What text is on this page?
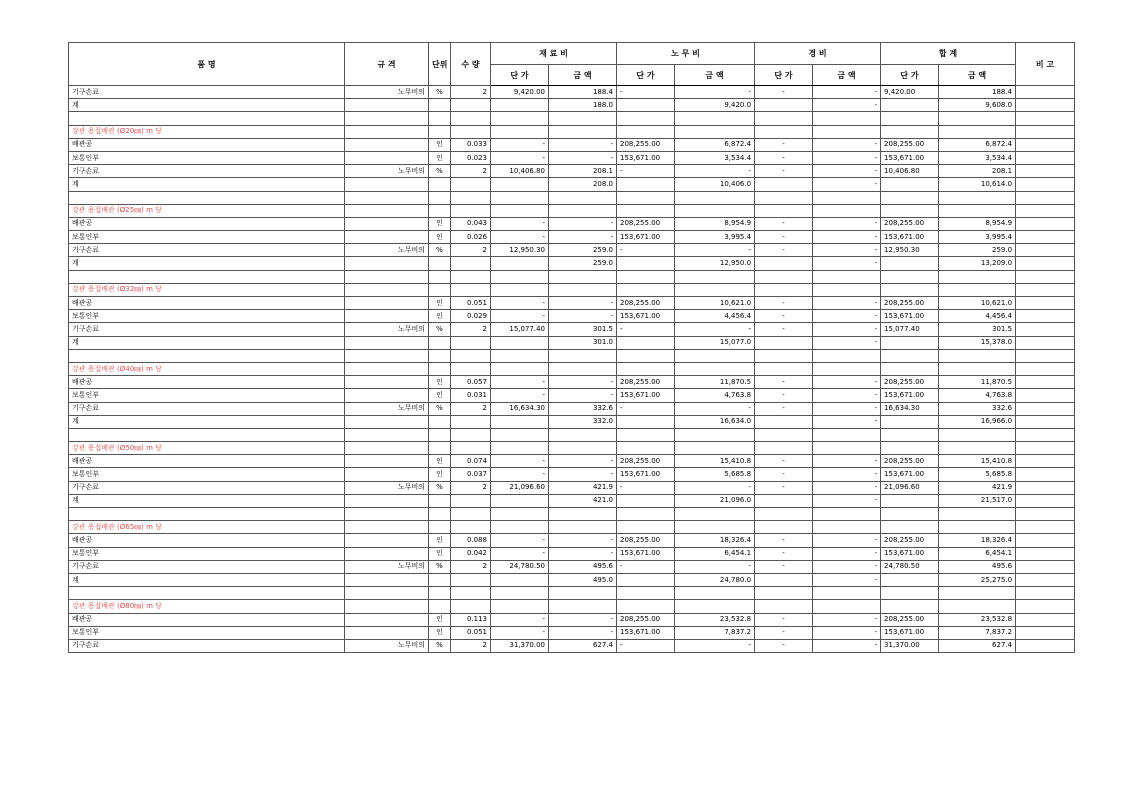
품 명	규 격	단위	수 량	재 료 비		노 무 비		경 비		합 계		비 고
				단 가	금 액	단 가	금 액	단 가	금 액	단 가	금 액	
기구손료	노무비의	%	2	9,420.00	188.4	-	-	-	-	9,420.00	188.4	
계					188.0		9,420.0		-		9,608.0	

강관 용접배관 (Ø20㎜) m 당												
배관공		인	0.033	-	-	208,255.00	6,872.4	-	-	208,255.00	6,872.4	
보통인부		인	0.023	-	-	153,671.00	3,534.4	-	-	153,671.00	3,534.4	
기구손료	노무비의	%	2	10,406.80	208.1	-	-	-	-	10,406.80	208.1	
계					208.0		10,406.0		-		10,614.0	

강관 용접배관 (Ø25㎜) m 당												
배관공		인	0.043	-	-	208,255.00	8,954.9	-	-	208,255.00	8,954.9	
보통인부		인	0.026	-	-	153,671.00	3,995.4	-	-	153,671.00	3,995.4	
기구손료	노무비의	%	2	12,950.30	259.0	-	-	-	-	12,950.30	259.0	
계					259.0		12,950.0		-		13,209.0	

강관 용접배관 (Ø32㎜) m 당												
배관공		인	0.051	-	-	208,255.00	10,621.0	-	-	208,255.00	10,621.0	
보통인부		인	0.029	-	-	153,671.00	4,456.4	-	-	153,671.00	4,456.4	
기구손료	노무비의	%	2	15,077.40	301.5	-	-	-	-	15,077.40	301.5	
계					301.0		15,077.0		-		15,378.0	

강관 용접배관 (Ø40㎜) m 당												
배관공		인	0.057	-	-	208,255.00	11,870.5	-	-	208,255.00	11,870.5	
보통인부		인	0.031	-	-	153,671.00	4,763.8	-	-	153,671.00	4,763.8	
기구손료	노무비의	%	2	16,634.30	332.6	-	-	-	-	16,634.30	332.6	
계					332.0		16,634.0		-		16,966.0	

강관 용접배관 (Ø50㎜) m 당												
배관공		인	0.074	-	-	208,255.00	15,410.8	-	-	208,255.00	15,410.8	
보통인부		인	0.037	-	-	153,671.00	5,685.8	-	-	153,671.00	5,685.8	
기구손료	노무비의	%	2	21,096.60	421.9	-	-	-	-	21,096.60	421.9	
계					421.0		21,096.0		-		21,517.0	

강관 용접배관 (Ø65㎜) m 당												
배관공		인	0.088	-	-	208,255.00	18,326.4	-	-	208,255.00	18,326.4	
보통인부		인	0.042	-	-	153,671.00	6,454.1	-	-	153,671.00	6,454.1	
기구손료	노무비의	%	2	24,780.50	495.6	-	-	-	-	24,780.50	495.6	
계					495.0		24,780.0		-		25,275.0	

강관 용접배관 (Ø80㎜) m 당												
배관공		인	0.113	-	-	208,255.00	23,532.8	-	-	208,255.00	23,532.8	
보통인부		인	0.051	-	-	153,671.00	7,837.2	-	-	153,671.00	7,837.2	
기구손료	노무비의	%	2	31,370.00	627.4	-	-	-	-	31,370.00	627.4	
